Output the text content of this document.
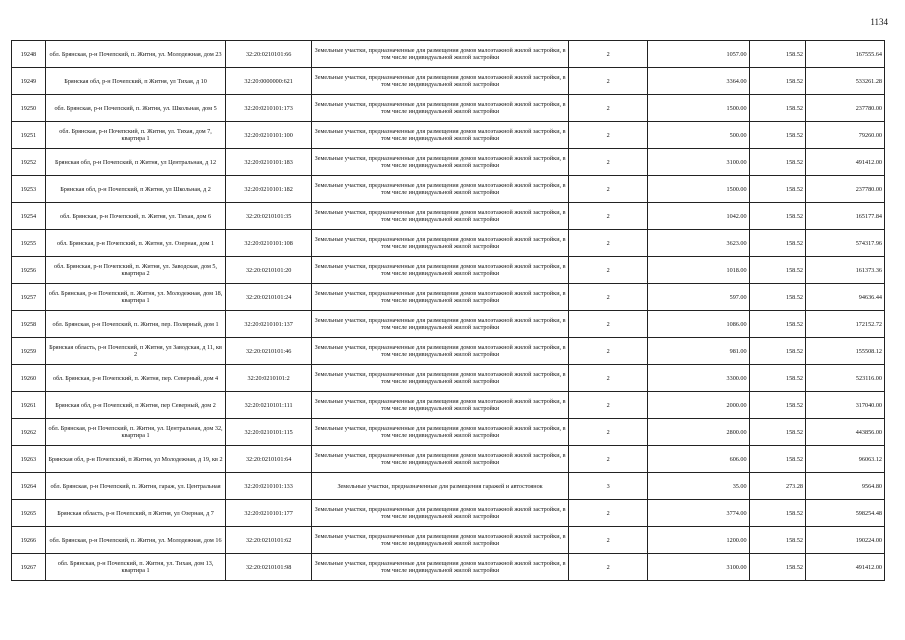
1134
19248	обл. Брянская, р-н Почепский, п. Житня, ул. Молодежная, дом 23	32:20:0210101:66	Земельные участки, предназначенные для размещения домов малоэтажной жилой застройки, в том числе индивидуальной жилой застройки	2	1057.00	158.52	167555.64
19249	Брянская обл, р-н Почепский, п Житня, ул Тихая, д 10	32:20:0000000:621	Земельные участки, предназначенные для размещения домов малоэтажной жилой застройки, в том числе индивидуальной жилой застройки	2	3364.00	158.52	533261.28
19250	обл. Брянская, р-н Почепский, п. Житня, ул. Школьная, дом 5	32:20:0210101:173	Земельные участки, предназначенные для размещения домов малоэтажной жилой застройки, в том числе индивидуальной жилой застройки	2	1500.00	158.52	237780.00
19251	обл. Брянская, р-н Почепский, п. Житня, ул. Тихая, дом 7, квартира 1	32:20:0210101:100	Земельные участки, предназначенные для размещения домов малоэтажной жилой застройки, в том числе индивидуальной жилой застройки	2	500.00	158.52	79260.00
19252	Брянская обл, р-н Почепский, п Житня, ул Центральная, д 12	32:20:0210101:183	Земельные участки, предназначенные для размещения домов малоэтажной жилой застройки, в том числе индивидуальной жилой застройки	2	3100.00	158.52	491412.00
19253	Брянская обл, р-н Почепский, п Житня, ул Школьная, д 2	32:20:0210101:182	Земельные участки, предназначенные для размещения домов малоэтажной жилой застройки, в том числе индивидуальной жилой застройки	2	1500.00	158.52	237780.00
19254	обл. Брянская, р-н Почепский, п. Житня, ул. Тихая, дом 6	32:20:0210101:35	Земельные участки, предназначенные для размещения домов малоэтажной жилой застройки, в том числе индивидуальной жилой застройки	2	1042.00	158.52	165177.84
19255	обл. Брянская, р-н Почепский, п. Житня, ул. Озерная, дом 1	32:20:0210101:108	Земельные участки, предназначенные для размещения домов малоэтажной жилой застройки, в том числе индивидуальной жилой застройки	2	3623.00	158.52	574317.96
19256	обл. Брянская, р-н Почепский, п. Житня, ул. Заводская, дом 5, квартира 2	32:20:0210101:20	Земельные участки, предназначенные для размещения домов малоэтажной жилой застройки, в том числе индивидуальной жилой застройки	2	1018.00	158.52	161373.36
19257	обл. Брянская, р-н Почепский, п. Житня, ул. Молодежная, дом 18, квартира 1	32:20:0210101:24	Земельные участки, предназначенные для размещения домов малоэтажной жилой застройки, в том числе индивидуальной жилой застройки	2	597.00	158.52	94636.44
19258	обл. Брянская, р-н Почепский, п. Житня, пер. Полярный, дом 1	32:20:0210101:137	Земельные участки, предназначенные для размещения домов малоэтажной жилой застройки, в том числе индивидуальной жилой застройки	2	1086.00	158.52	172152.72
19259	Брянская область, р-н Почепский, п Житня, ул Заводская, д 11, кв 2	32:20:0210101:46	Земельные участки, предназначенные для размещения домов малоэтажной жилой застройки, в том числе индивидуальной жилой застройки	2	981.00	158.52	155508.12
19260	обл. Брянская, р-н Почепский, п. Житня, пер. Северный, дом 4	32:20:0210101:2	Земельные участки, предназначенные для размещения домов малоэтажной жилой застройки, в том числе индивидуальной жилой застройки	2	3300.00	158.52	523116.00
19261	Брянская обл, р-н Почепский, п Житня, пер Северный, дом 2	32:20:0210101:111	Земельные участки, предназначенные для размещения домов малоэтажной жилой застройки, в том числе индивидуальной жилой застройки	2	2000.00	158.52	317040.00
19262	обл. Брянская, р-н Почепский, п. Житня, ул. Центральная, дом 32, квартира 1	32:20:0210101:115	Земельные участки, предназначенные для размещения домов малоэтажной жилой застройки, в том числе индивидуальной жилой застройки	2	2800.00	158.52	443856.00
19263	Брянская обл, р-н Почепский, п Житня, ул Молодежная, д 19, кв 2	32:20:0210101:64	Земельные участки, предназначенные для размещения домов малоэтажной жилой застройки, в том числе индивидуальной жилой застройки	2	606.00	158.52	96063.12
19264	обл. Брянская, р-н Почепский, п. Житня, гараж, ул. Центральная	32:20:0210101:133	Земельные участки, предназначенные для размещения гаражей и автостоянок	3	35.00	273.28	9564.80
19265	Брянская область, р-н Почепский, п Житня, ул Озерная, д 7	32:20:0210101:177	Земельные участки, предназначенные для размещения домов малоэтажной жилой застройки, в том числе индивидуальной жилой застройки	2	3774.00	158.52	598254.48
19266	обл. Брянская, р-н Почепский, п. Житня, ул. Молодежная, дом 16	32:20:0210101:62	Земельные участки, предназначенные для размещения домов малоэтажной жилой застройки, в том числе индивидуальной жилой застройки	2	1200.00	158.52	190224.00
19267	обл. Брянская, р-н Почепский, п. Житня, ул. Тихая, дом 13, квартира 1	32:20:0210101:98	Земельные участки, предназначенные для размещения домов малоэтажной жилой застройки, в том числе индивидуальной жилой застройки	2	3100.00	158.52	491412.00
